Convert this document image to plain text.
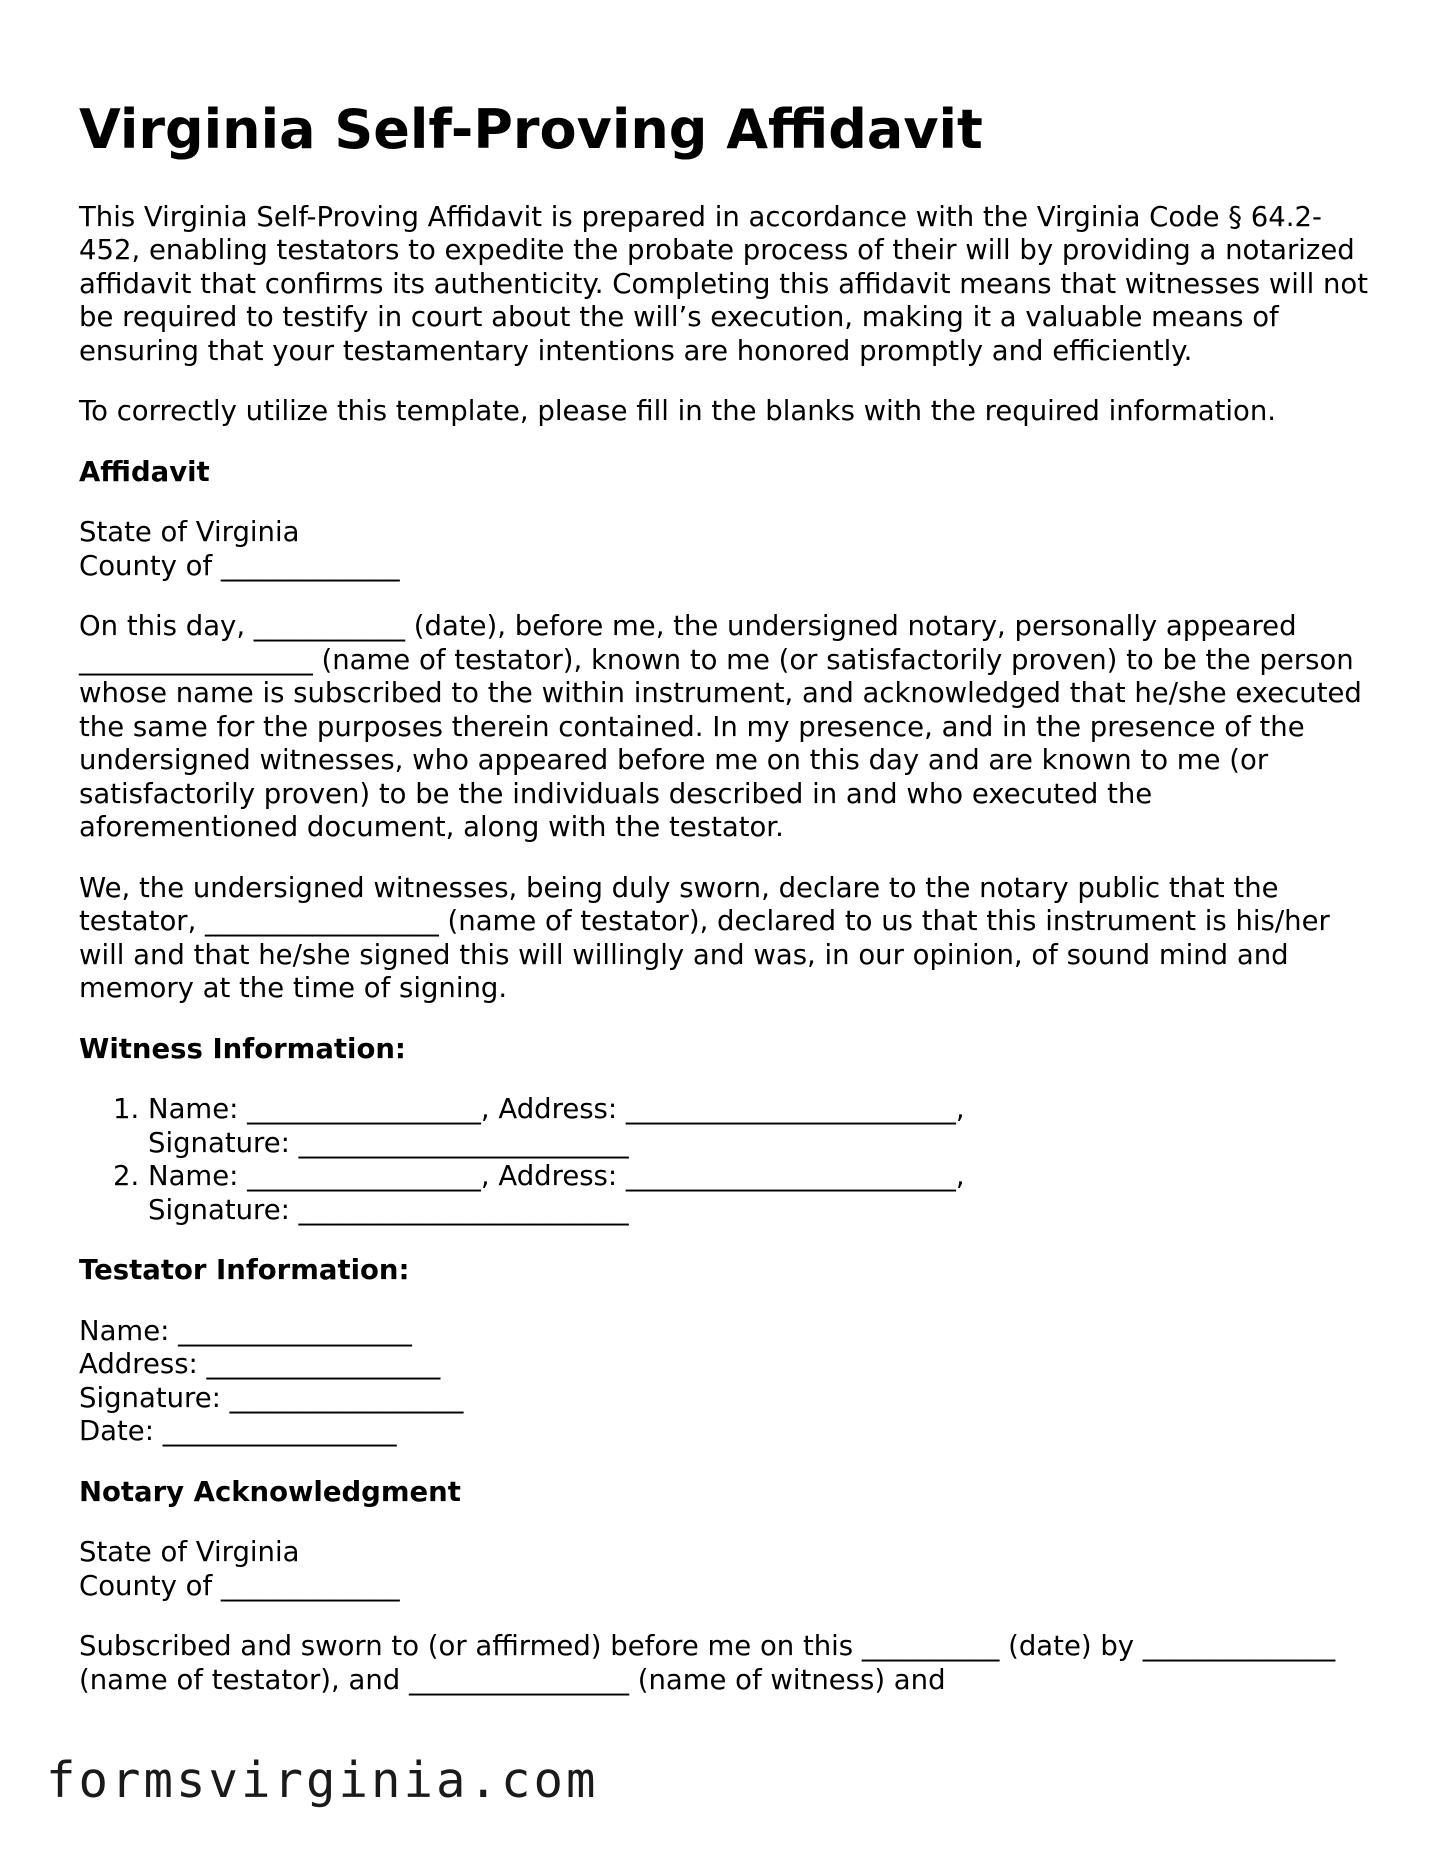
Virginia Self-Proving Affidavit

This Virginia Self-Proving Affidavit is prepared in accordance with the Virginia Code § 64.2-452, enabling testators to expedite the probate process of their will by providing a notarized affidavit that confirms its authenticity. Completing this affidavit means that witnesses will not be required to testify in court about the will’s execution, making it a valuable means of ensuring that your testamentary intentions are honored promptly and efficiently.

To correctly utilize this template, please fill in the blanks with the required information.

Affidavit
State of Virginia
County of _____________

On this day, ___________ (date), before me, the undersigned notary, personally appeared _________________ (name of testator), known to me (or satisfactorily proven) to be the person whose name is subscribed to the within instrument, and acknowledged that he/she executed the same for the purposes therein contained. In my presence, and in the presence of the undersigned witnesses, who appeared before me on this day and are known to me (or satisfactorily proven) to be the individuals described in and who executed the aforementioned document, along with the testator.

We, the undersigned witnesses, being duly sworn, declare to the notary public that the testator, _________________ (name of testator), declared to us that this instrument is his/her will and that he/she signed this will willingly and was, in our opinion, of sound mind and memory at the time of signing.

Witness Information:
1. Name: _________________, Address: ________________________, Signature: ________________________
2. Name: _________________, Address: ________________________, Signature: ________________________
Testator Information:
Name: _________________
Address: _________________
Signature: _________________
Date: _________________
Notary Acknowledgment
State of Virginia
County of _____________

Subscribed and sworn to (or affirmed) before me on this __________ (date) by ______________ (name of testator), and ________________ (name of witness) and

formsvirginia.com
